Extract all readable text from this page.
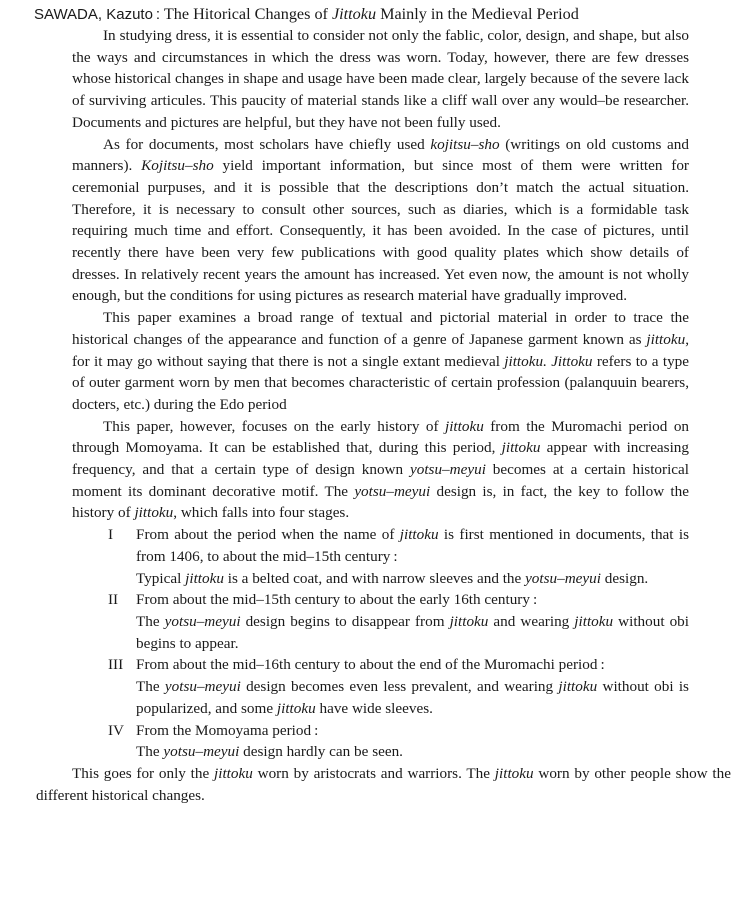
SAWADA, Kazuto : The Hitorical Changes of Jittoku Mainly in the Medieval Period

In studying dress, it is essential to consider not only the fablic, color, design, and shape, but also the ways and circumstances in which the dress was worn. Today, however, there are few dresses whose historical changes in shape and usage have been made clear, largely because of the severe lack of surviving articules. This paucity of material stands like a cliff wall over any would–be researcher. Documents and pictures are helpful, but they have not been fully used.

As for documents, most scholars have chiefly used kojitsu–sho (writings on old customs and manners). Kojitsu–sho yield important information, but since most of them were written for ceremonial purpuses, and it is possible that the descriptions don’t match the actual situation. Therefore, it is necessary to consult other sources, such as diaries, which is a formidable task requiring much time and effort. Consequently, it has been avoided. In the case of pictures, until recently there have been very few publications with good quality plates which show details of dresses. In relatively recent years the amount has increased. Yet even now, the amount is not wholly enough, but the conditions for using pictures as research material have gradually improved.

This paper examines a broad range of textual and pictorial material in order to trace the historical changes of the appearance and function of a genre of Japanese garment known as jittoku, for it may go without saying that there is not a single extant medieval jittoku. Jittoku refers to a type of outer garment worn by men that becomes characteristic of certain profession (palanquuin bearers, docters, etc.) during the Edo period

This paper, however, focuses on the early history of jittoku from the Muromachi period on through Momoyama. It can be established that, during this period, jittoku appear with increasing frequency, and that a certain type of design known yotsu–meyui becomes at a certain historical moment its dominant decorative motif. The yotsu–meyui design is, in fact, the key to follow the history of jittoku, which falls into four stages.

I From about the period when the name of jittoku is first mentioned in documents, that is from 1406, to about the mid–15th century :
Typical jittoku is a belted coat, and with narrow sleeves and the yotsu–meyui design.
II From about the mid–15th century to about the early 16th century :
The yotsu–meyui design begins to disappear from jittoku and wearing jittoku without obi begins to appear.
III From about the mid–16th century to about the end of the Muromachi period :
The yotsu–meyui design becomes even less prevalent, and wearing jittoku without obi is popularized, and some jittoku have wide sleeves.
IV From the Momoyama period :
The yotsu–meyui design hardly can be seen.

This goes for only the jittoku worn by aristocrats and warriors. The jittoku worn by other people show the different historical changes.
